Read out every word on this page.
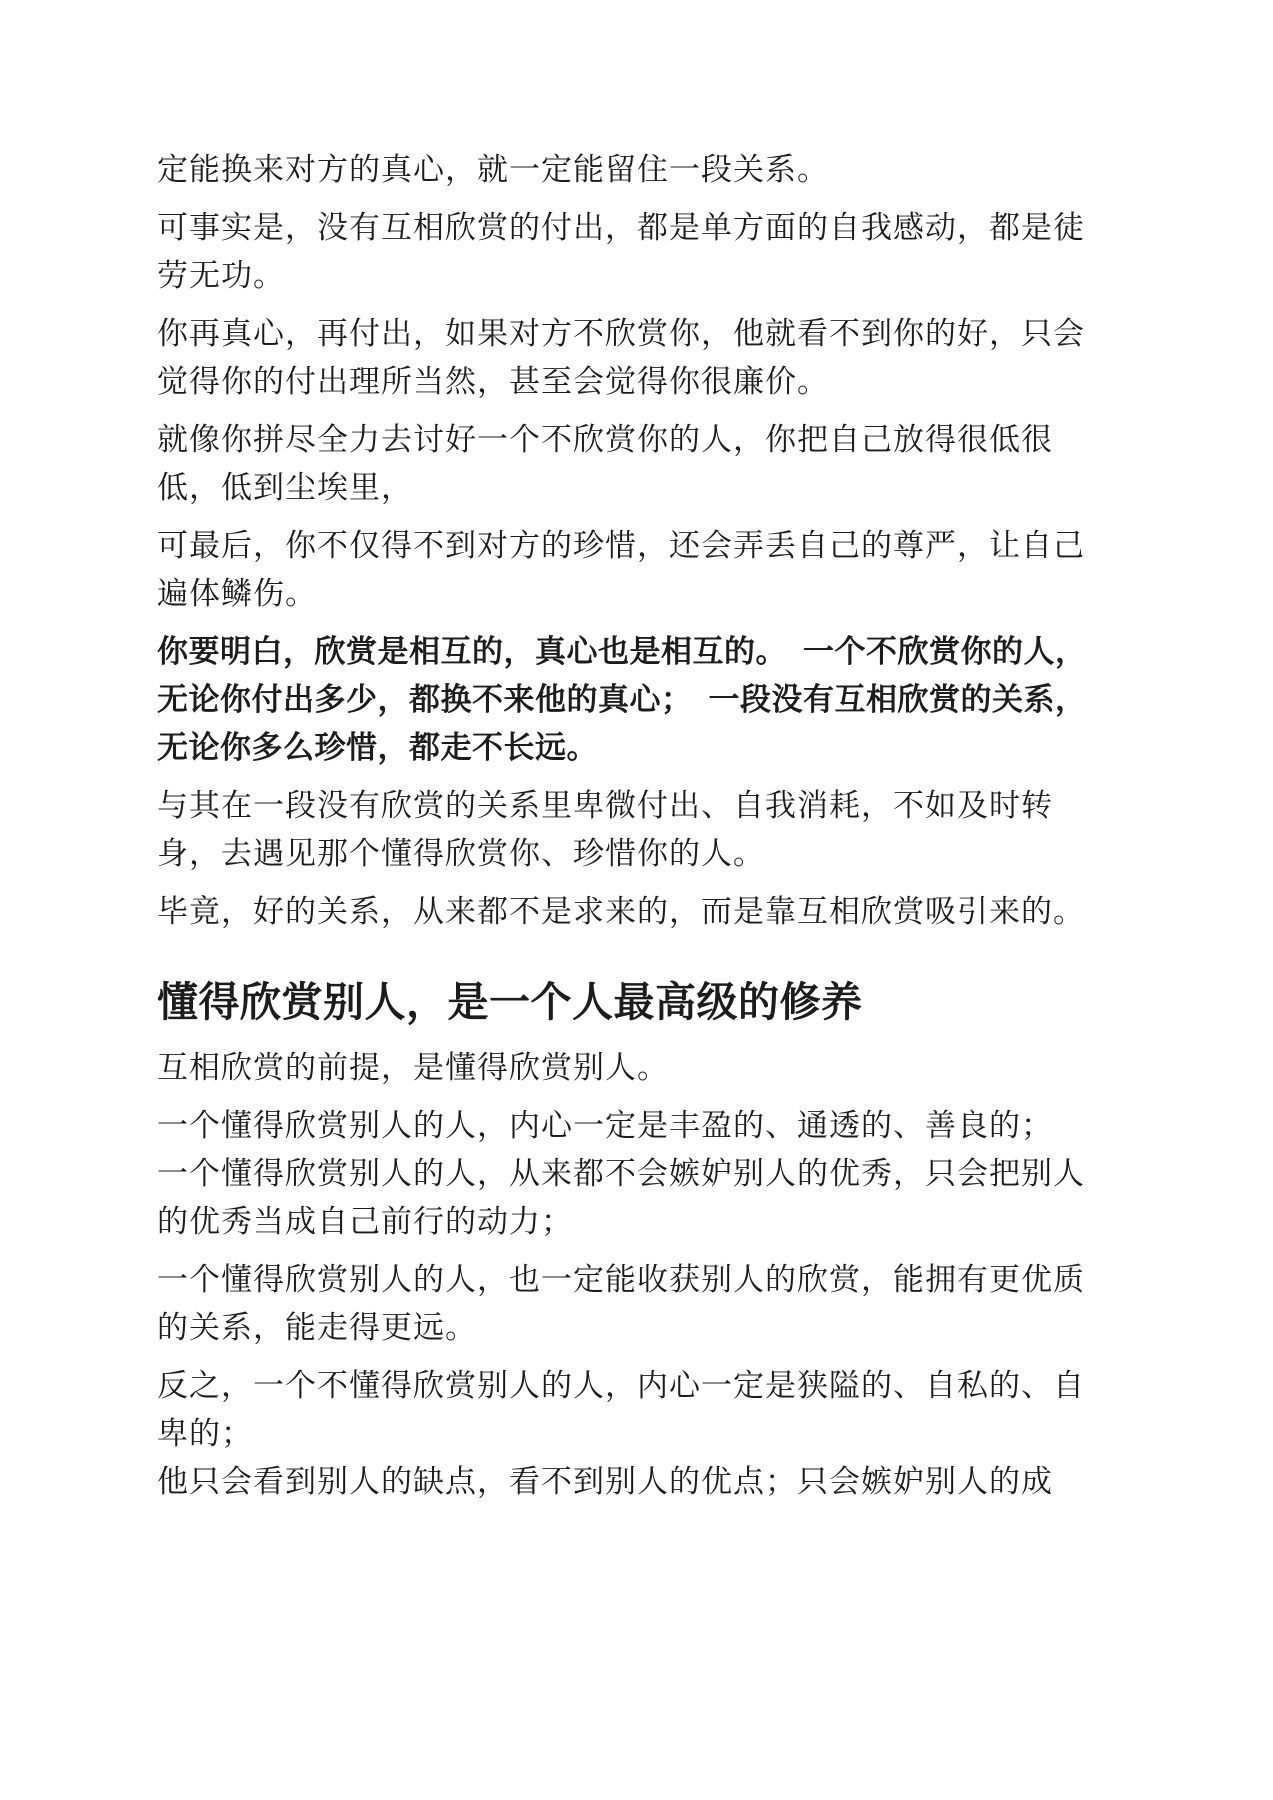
定能换来对方的真心，就一定能留住一段关系。

可事实是，没有互相欣赏的付出，都是单方面的自我感动，都是徒劳无功。

你再真心，再付出，如果对方不欣赏你，他就看不到你的好，只会觉得你的付出理所当然，甚至会觉得你很廉价。

就像你拼尽全力去讨好一个不欣赏你的人，你把自己放得很低很低，低到尘埃里，

可最后，你不仅得不到对方的珍惜，还会弄丢自己的尊严，让自己遍体鳞伤。

你要明白，欣赏是相互的，真心也是相互的。　一个不欣赏你的人，无论你付出多少，都换不来他的真心；　一段没有互相欣赏的关系，无论你多么珍惜，都走不长远。

与其在一段没有欣赏的关系里卑微付出、自我消耗，不如及时转身，去遇见那个懂得欣赏你、珍惜你的人。

毕竟，好的关系，从来都不是求来的，而是靠互相欣赏吸引来的。

懂得欣赏别人，是一个人最高级的修养

互相欣赏的前提，是懂得欣赏别人。

一个懂得欣赏别人的人，内心一定是丰盈的、通透的、善良的；

一个懂得欣赏别人的人，从来都不会嫉妒别人的优秀，只会把别人的优秀当成自己前行的动力；

一个懂得欣赏别人的人，也一定能收获别人的欣赏，能拥有更优质的关系，能走得更远。

反之，一个不懂得欣赏别人的人，内心一定是狭隘的、自私的、自卑的；

他只会看到别人的缺点，看不到别人的优点；只会嫉妒别人的成
